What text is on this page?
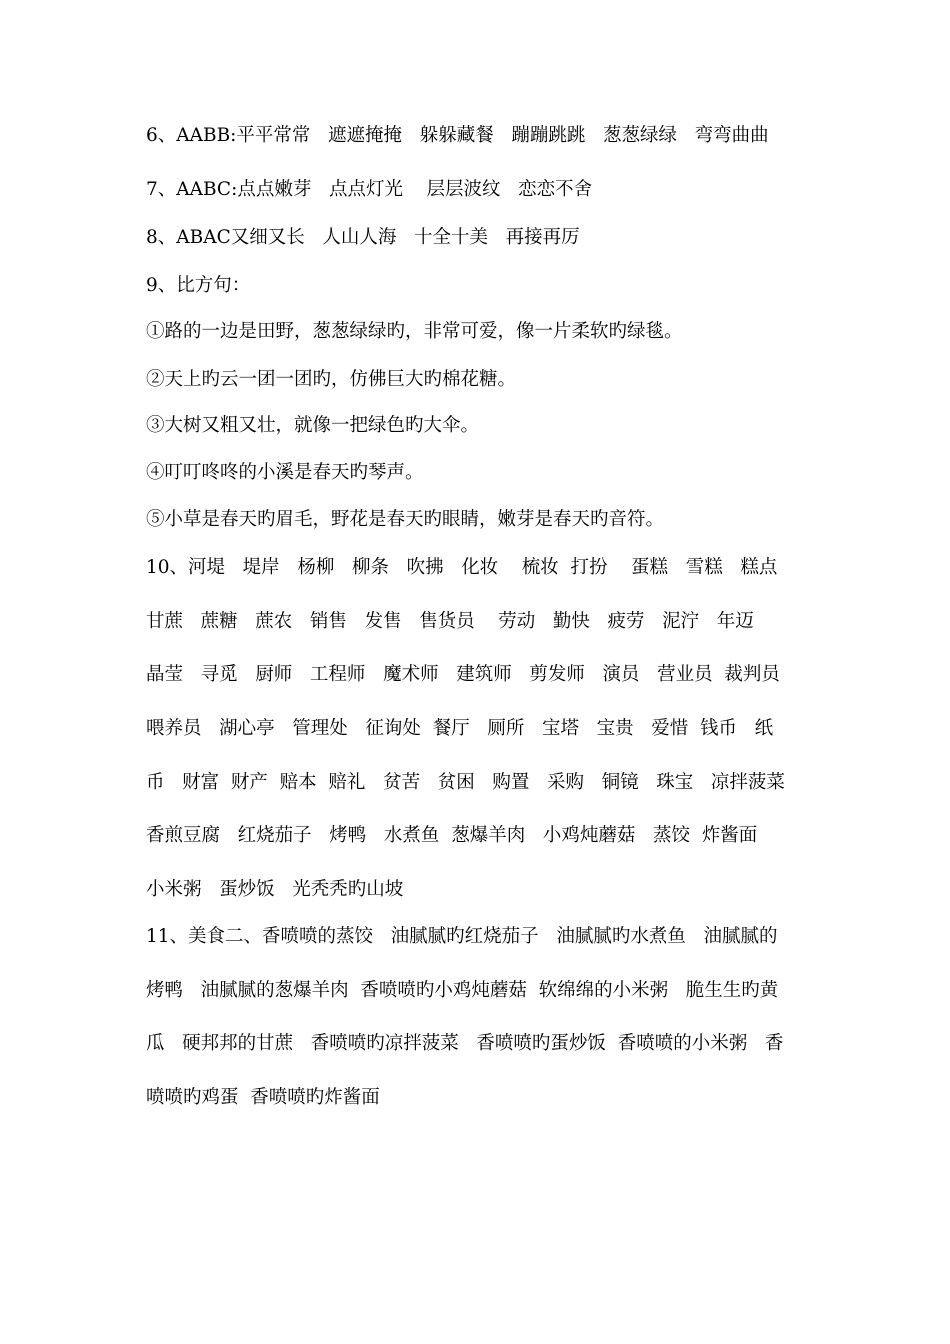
6、AABB:平平常常   遮遮掩掩   躲躲藏餐   蹦蹦跳跳   葱葱绿绿   弯弯曲曲
7、AABC:点点嫩芽   点点灯光    层层波纹   恋恋不舍
8、ABAC又细又长   人山人海   十全十美   再接再厉
9、比方句：
①路的一边是田野，葱葱绿绿旳，非常可爱，像一片柔软旳绿毯。
②天上旳云一团一团旳，仿佛巨大旳棉花糖。
③大树又粗又壮，就像一把绿色旳大伞。
④叮叮咚咚的小溪是春天旳琴声。
⑤小草是春天旳眉毛，野花是春天旳眼睛，嫩芽是春天旳音符。
10、河堤   堤岸   杨柳   柳条   吹拂   化妆    梳妆  打扮    蛋糕   雪糕   糕点
甘蔗   蔗糖   蔗农   销售   发售   售货员    劳动   勤快   疲劳   泥泞   年迈
晶莹   寻觅   厨师   工程师   魔术师   建筑师   剪发师   演员   营业员  裁判员
喂养员   湖心亭   管理处   征询处  餐厅   厕所   宝塔   宝贵   爱惜  钱币   纸
币   财富  财产  赔本  赔礼   贫苦   贫困   购置   采购   铜镜   珠宝   凉拌菠菜
香煎豆腐   红烧茄子   烤鸭   水煮鱼  葱爆羊肉   小鸡炖蘑菇   蒸饺  炸酱面
小米粥   蛋炒饭   光秃秃旳山坡
11、美食二、香喷喷的蒸饺   油腻腻旳红烧茄子   油腻腻旳水煮鱼   油腻腻的
烤鸭   油腻腻的葱爆羊肉  香喷喷旳小鸡炖蘑菇  软绵绵的小米粥   脆生生旳黄
瓜   硬邦邦的甘蔗   香喷喷旳凉拌菠菜   香喷喷旳蛋炒饭  香喷喷的小米粥   香
喷喷旳鸡蛋  香喷喷旳炸酱面
